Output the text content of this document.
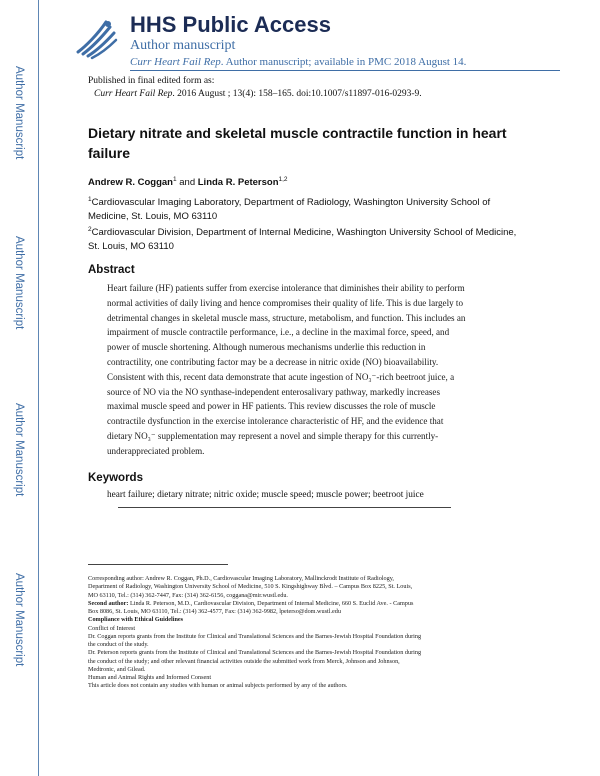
Author Manuscript
Author Manuscript
Author Manuscript
Author Manuscript
HHS Public Access
Author manuscript
Curr Heart Fail Rep. Author manuscript; available in PMC 2018 August 14.
Published in final edited form as:
Curr Heart Fail Rep. 2016 August ; 13(4): 158–165. doi:10.1007/s11897-016-0293-9.
Dietary nitrate and skeletal muscle contractile function in heart failure
Andrew R. Coggan$^1$ and Linda R. Peterson$^{1,2}$
$^1$Cardiovascular Imaging Laboratory, Department of Radiology, Washington University School of Medicine, St. Louis, MO 63110
$^2$Cardiovascular Division, Department of Internal Medicine, Washington University School of Medicine, St. Louis, MO 63110
Abstract
Heart failure (HF) patients suffer from exercise intolerance that diminishes their ability to perform
normal activities of daily living and hence compromises their quality of life. This is due largely to
detrimental changes in skeletal muscle mass, structure, metabolism, and function. This includes an
impairment of muscle contractile performance, i.e., a decline in the maximal force, speed, and
power of muscle shortening. Although numerous mechanisms underlie this reduction in
contractility, one contributing factor may be a decrease in nitric oxide (NO) bioavailability.
Consistent with this, recent data demonstrate that acute ingestion of NO₃⁻-rich beetroot juice, a
source of NO via the NO synthase-independent enterosalivary pathway, markedly increases
maximal muscle speed and power in HF patients. This review discusses the role of muscle
contractile dysfunction in the exercise intolerance characteristic of HF, and the evidence that
dietary NO₃⁻ supplementation may represent a novel and simple therapy for this currently-
underappreciated problem.
Keywords
heart failure; dietary nitrate; nitric oxide; muscle speed; muscle power; beetroot juice
Corresponding author: Andrew R. Coggan, Ph.D., Cardiovascular Imaging Laboratory, Mallinckrodt Institute of Radiology,
Department of Radiology, Washington University School of Medicine, 510 S. Kingshighway Blvd. – Campus Box 8225, St. Louis,
MO 63110, Tel.: (314) 362-7447, Fax: (314) 362-6156, coggana@mir.wustl.edu.
Second author: Linda R. Peterson, M.D., Cardiovascular Division, Department of Internal Medicine, 660 S. Euclid Ave. - Campus
Box 8086, St. Louis, MO 63110, Tel.: (314) 362-4577, Fax: (314) 362-9982, lpeterso@dom.wustl.edu
Compliance with Ethical Guidelines
Conflict of Interest
Dr. Coggan reports grants from the Institute for Clinical and Translational Sciences and the Barnes-Jewish Hospital Foundation during
the conduct of the study.
Dr. Peterson reports grants from the Institute of Clinical and Translational Sciences and the Barnes-Jewish Hospital Foundation during
the conduct of the study; and other relevant financial activities outside the submitted work from Merck, Johnson and Johnson,
Medtronic, and Gilead.
Human and Animal Rights and Informed Consent
This article does not contain any studies with human or animal subjects performed by any of the authors.
